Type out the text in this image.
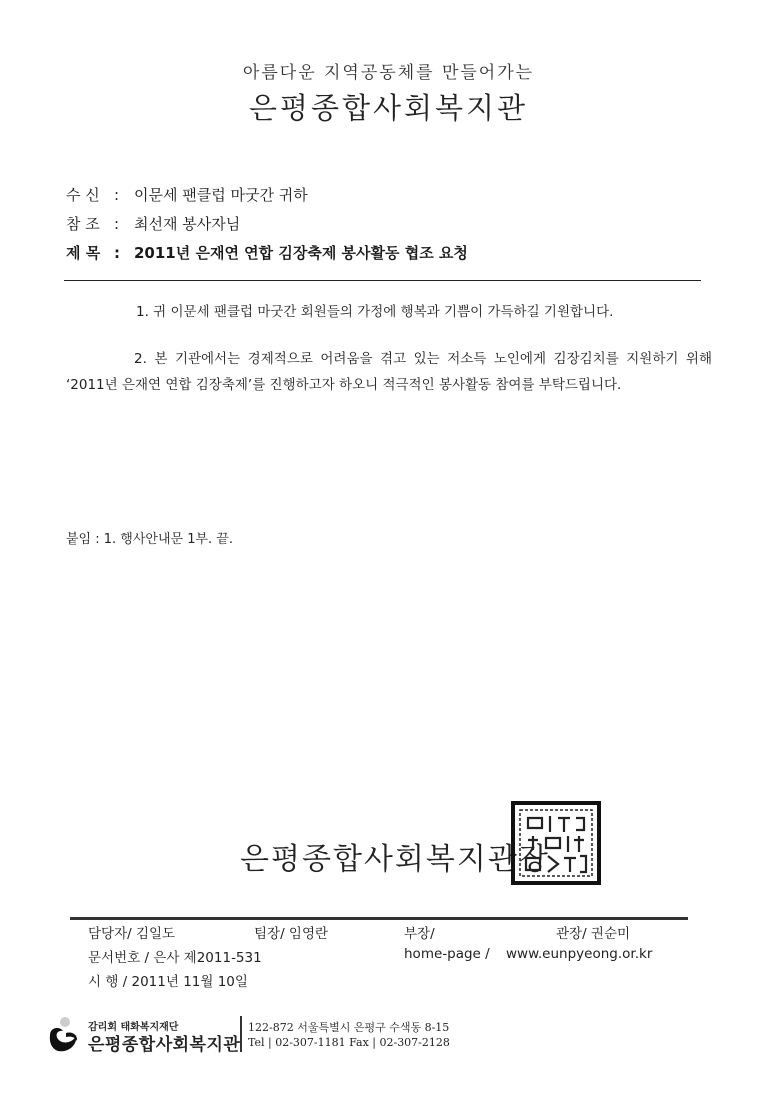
아름다운 지역공동체를 만들어가는
은평종합사회복지관
수 신 : 이문세 팬클럽 마굿간 귀하
참 조 : 최선재 봉사자님
제 목 : 2011년 은재연 연합 김장축제 봉사활동 협조 요청
1. 귀 이문세 팬클럽 마굿간 회원들의 가정에 행복과 기쁨이 가득하길 기원합니다.
2. 본 기관에서는 경제적으로 어려움을 겪고 있는 저소득 노인에게 김장김치를 지원하기 위해 ‘2011년 은재연 연합 김장축제’를 진행하고자 하오니 적극적인 봉사활동 참여를 부탁드립니다.
붙임 : 1. 행사안내문 1부. 끝.
은평종합사회복지관장
담당자/ 김일도	팀장/ 임영란	부장/	관장/ 권순미
문서번호 / 은사 제2011-531	home-page / www.eunpyeong.or.kr
시 행 / 2011년 11월 10일
감리회 태화복지재단
은평종합사회복지관
122-872 서울특별시 은평구 수색동 8-15
Tel | 02-307-1181 Fax | 02-307-2128
